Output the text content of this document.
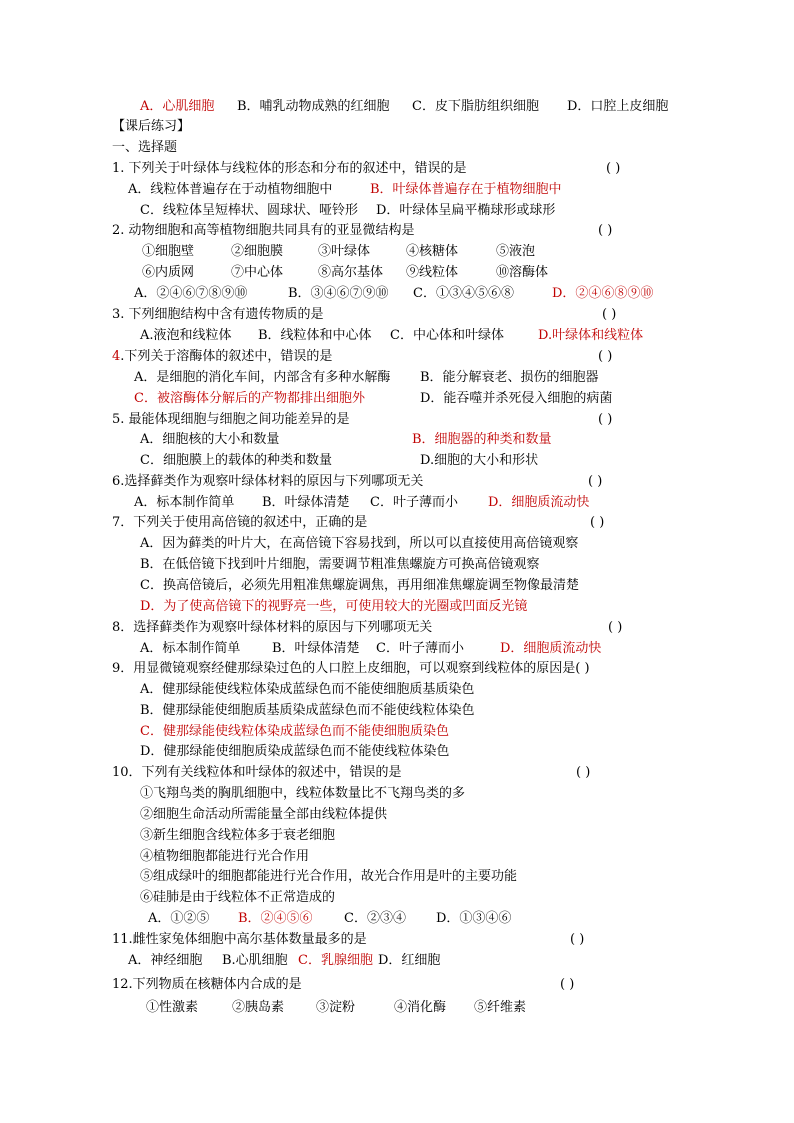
A．心肌细胞 B．哺乳动物成熟的红细胞 C．皮下脂肪组织细胞 D．口腔上皮细胞
【课后练习】
一、选择题
1. 下列关于叶绿体与线粒体的形态和分布的叙述中，错误的是	( )
A．线粒体普遍存在于动植物细胞中	B．叶绿体普遍存在于植物细胞中
C．线粒体呈短棒状、圆球状、哑铃形 D．叶绿体呈扁平椭球形或球形
2. 动物细胞和高等植物细胞共同具有的亚显微结构是	( )
①细胞壁	②细胞膜	③叶绿体	④核糖体	⑤液泡
⑥内质网	⑦中心体	⑧高尔基体 ⑨线粒体	⑩溶酶体
A．②④⑥⑦⑧⑨⑩	B．③④⑥⑦⑨⑩ C．①③④⑤⑥⑧	D．②④⑥⑧⑨⑩
3. 下列细胞结构中含有遗传物质的是	( )
A.液泡和线粒体 B．线粒体和中心体 C．中心体和叶绿体	D.叶绿体和线粒体
4.下列关于溶酶体的叙述中，错误的是	( )
A．是细胞的消化车间，内部含有多种水解酶 B．能分解衰老、损伤的细胞器
C．被溶酶体分解后的产物都排出细胞外	D．能吞噬并杀死侵入细胞的病菌
5. 最能体现细胞与细胞之间功能差异的是	( )
A．细胞核的大小和数量	B．细胞器的种类和数量
C．细胞膜上的载体的种类和数量	D.细胞的大小和形状
6.选择藓类作为观察叶绿体材料的原因与下列哪项无关	( )
A．标本制作简单 B．叶绿体清楚 C．叶子薄而小 D．细胞质流动快
7．下列关于使用高倍镜的叙述中，正确的是	( )
A．因为藓类的叶片大，在高倍镜下容易找到，所以可以直接使用高倍镜观察
B．在低倍镜下找到叶片细胞，需要调节粗准焦螺旋方可换高倍镜观察
C．换高倍镜后，必须先用粗准焦螺旋调焦，再用细准焦螺旋调至物像最清楚
D．为了使高倍镜下的视野亮一些，可使用较大的光圈或凹面反光镜
8．选择藓类作为观察叶绿体材料的原因与下列哪项无关	( )
A．标本制作简单 B．叶绿体清楚 C．叶子薄而小	D．细胞质流动快
9．用显微镜观察经健那绿染过色的人口腔上皮细胞，可以观察到线粒体的原因是( )
A．健那绿能使线粒体染成蓝绿色而不能使细胞质基质染色
B．健那绿能使细胞质基质染成蓝绿色而不能使线粒体染色
C．健那绿能使线粒体染成蓝绿色而不能使细胞质染色
D．健那绿能使细胞质染成蓝绿色而不能使线粒体染色
10．下列有关线粒体和叶绿体的叙述中，错误的是	( )
①飞翔鸟类的胸肌细胞中，线粒体数量比不飞翔鸟类的多
②细胞生命活动所需能量全部由线粒体提供
③新生细胞含线粒体多于衰老细胞
④植物细胞都能进行光合作用
⑤组成绿叶的细胞都能进行光合作用，故光合作用是叶的主要功能
⑥硅肺是由于线粒体不正常造成的
A．①②⑤ B．②④⑤⑥ C．②③④ D．①③④⑥
11.雌性家兔体细胞中高尔基体数量最多的是	( )
A．神经细胞 B.心肌细胞 C．乳腺细胞 D．红细胞
12.下列物质在核糖体内合成的是	( )
①性激素	②胰岛素 ③淀粉	④消化酶 ⑤纤维素
